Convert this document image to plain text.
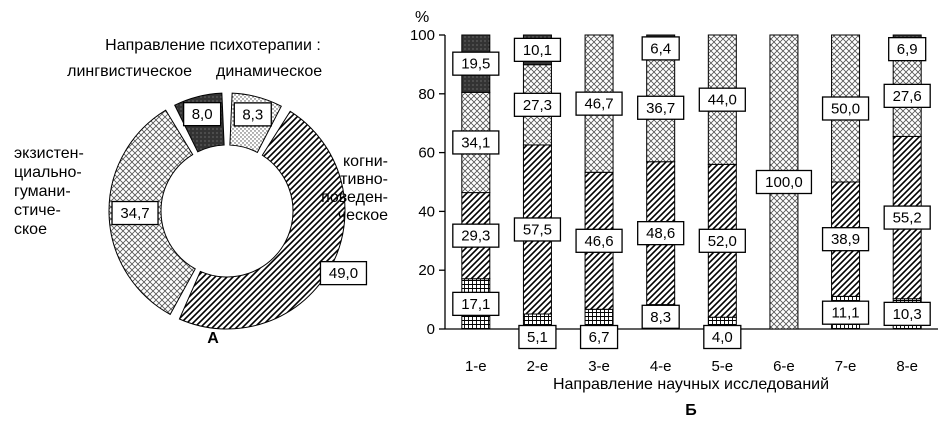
Направление психотерапии :
8,3
49,0
34,7
8,0
лингвистическое динамическое
когни-
тивно-
поведен-
ческое
экзистен-
циально-
гумани-
стиче-
ское
А
%
0
20
40
60
80
100
17,1
29,3
34,1
19,5
5,1
57,5
27,3
10,1
6,7
46,6
46,7
8,3
48,6
36,7
6,4
4,0
52,0
44,0
100,0
11,1
38,9
50,0
10,3
55,2
27,6
6,9
1-е	2-е	3-е	4-е	5-е	6-е	7-е	8-е
Направление научных исследований
Б
